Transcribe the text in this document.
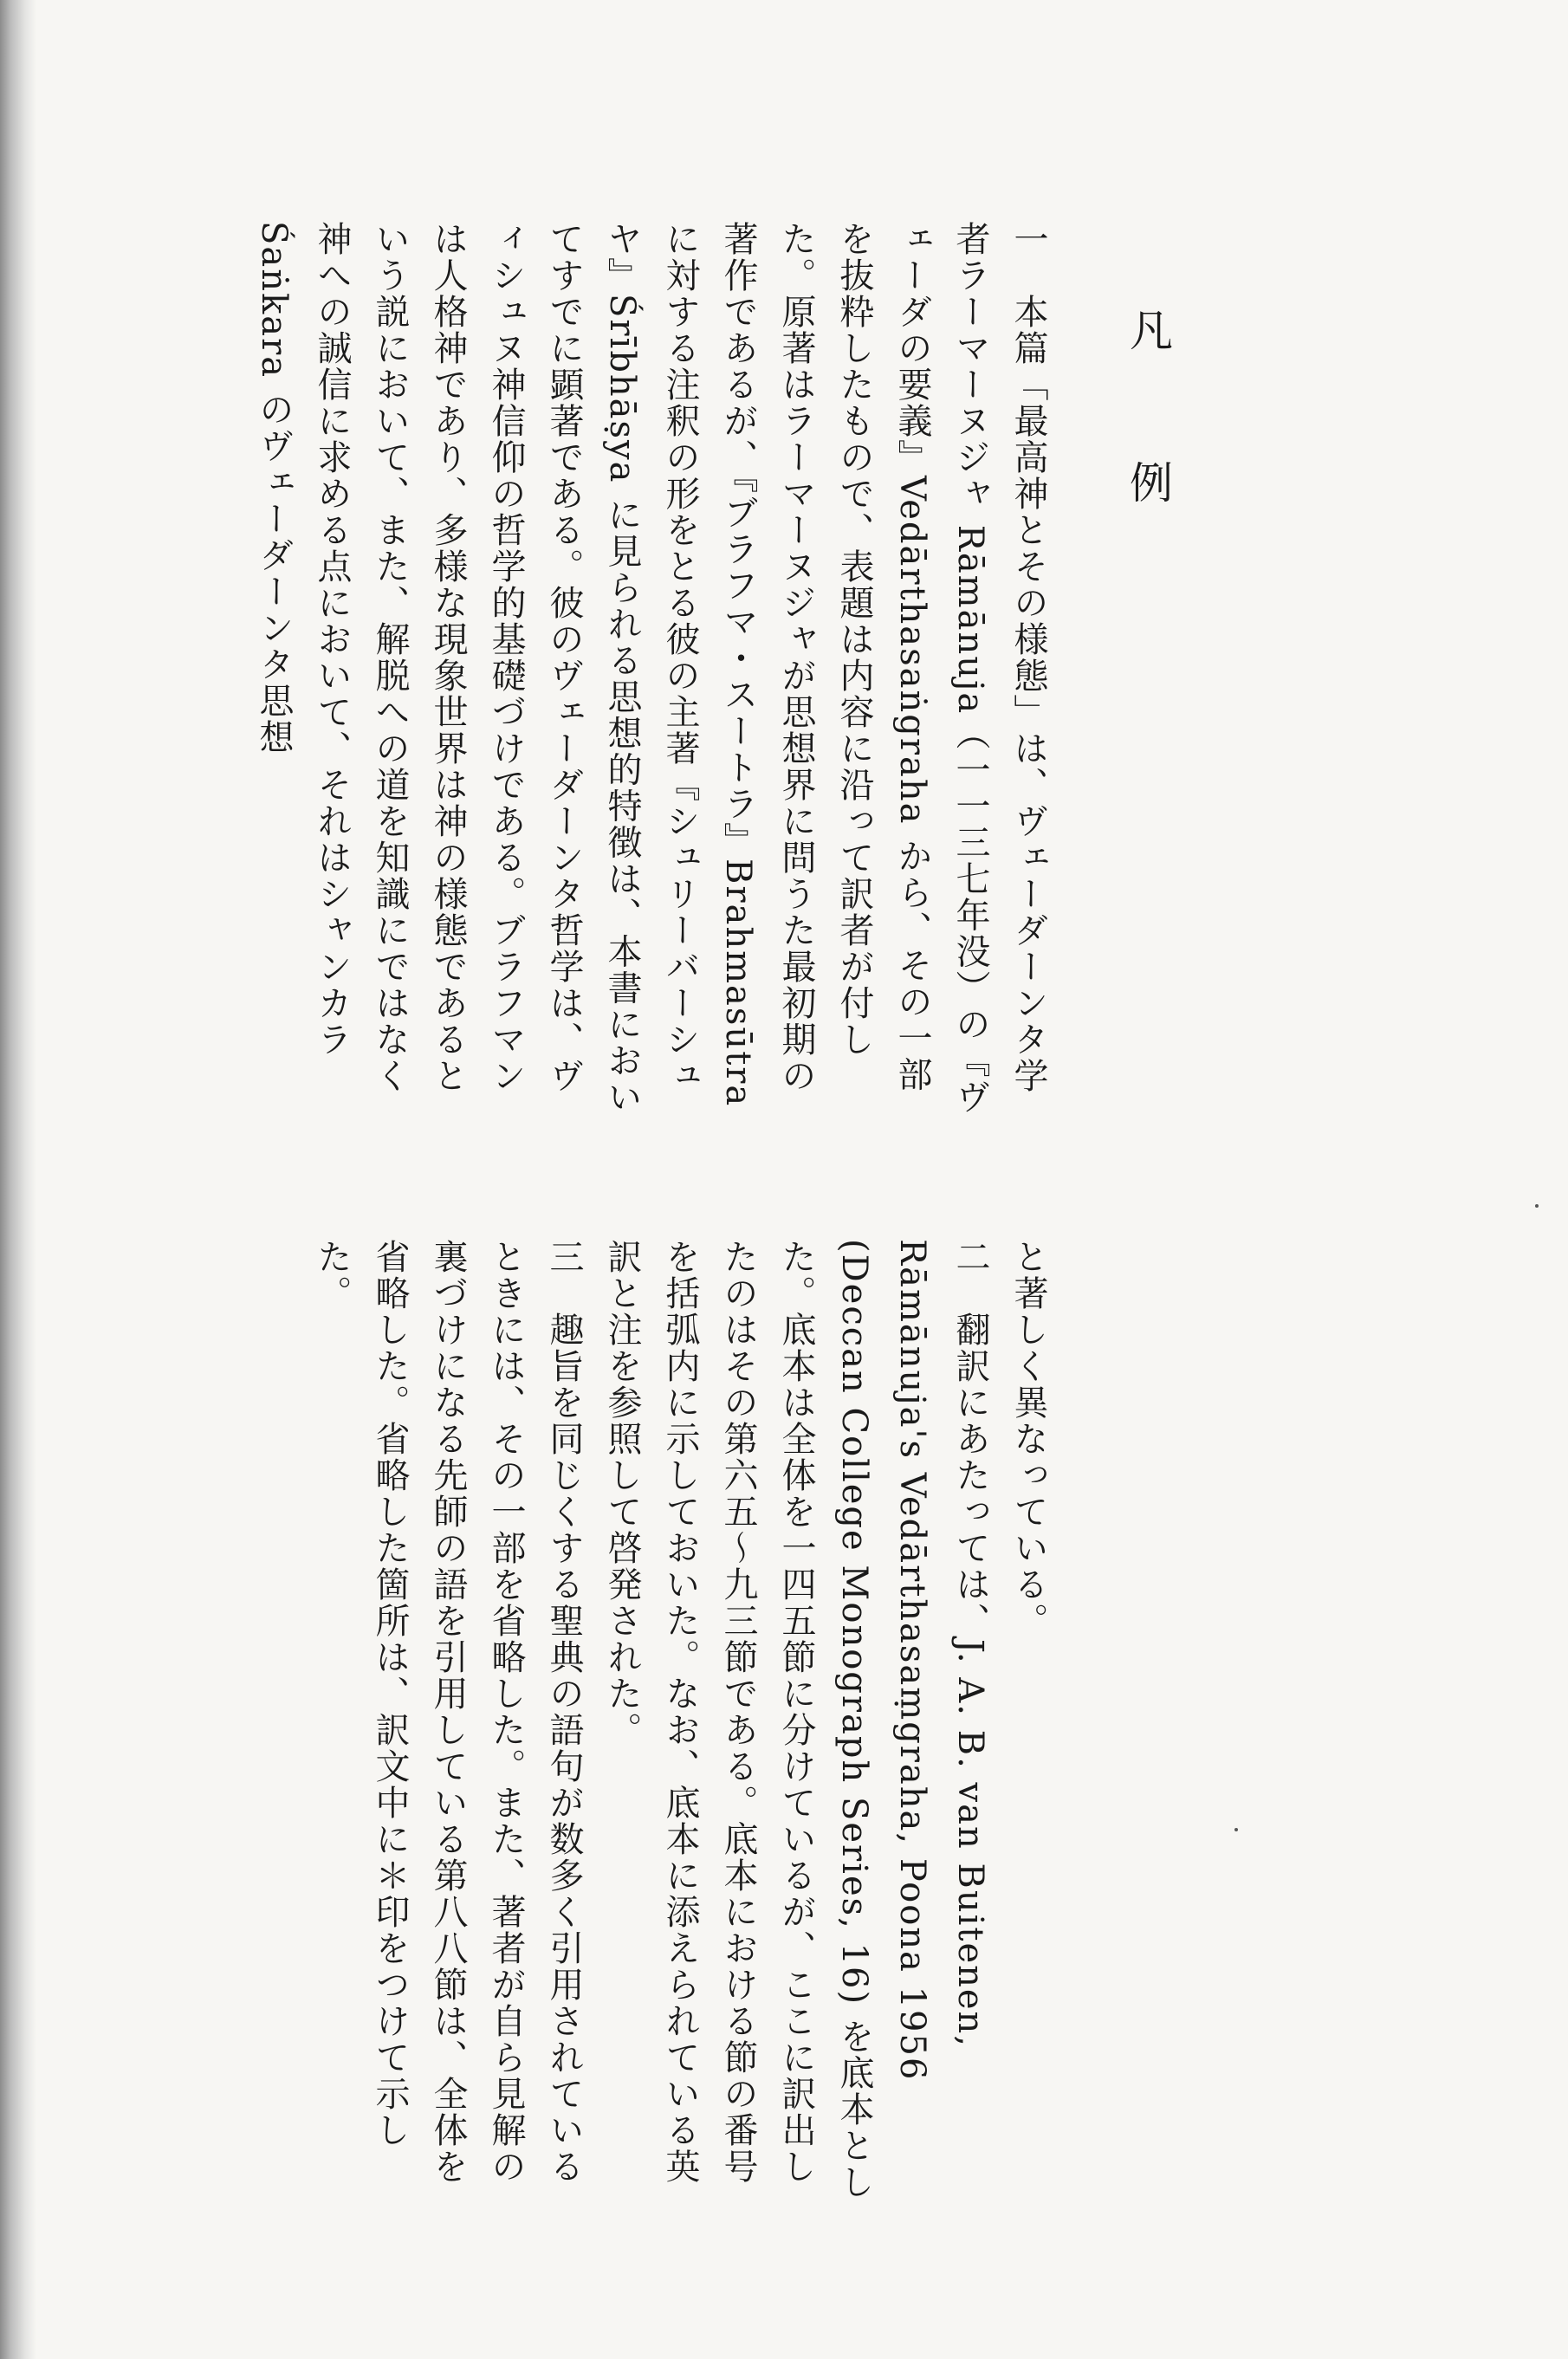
凡　例

一　本篇「最高神とその様態」は、ヴェーダーンタ学者ラーマーヌジャ Rāmānuja（一一三七年没）の『ヴェーダの要義』Vedārthasaṅgraha から、その一部を抜粋したもので、表題は内容に沿って訳者が付した。原著はラーマーヌジャが思想界に問うた最初期の著作であるが、『ブラフマ・スートラ』Brahmasūtra に対する注釈の形をとる彼の主著『シュリーバーシュヤ』Śrībhāṣya に見られる思想的特徴は、本書においてすでに顕著である。彼のヴェーダーンタ哲学は、ヴィシュヌ神信仰の哲学的基礎づけである。ブラフマンは人格神であり、多様な現象世界は神の様態であるという説において、また、解脱への道を知識にではなく神への誠信に求める点において、それはシャンカラ Śaṅkara のヴェーダーンタ思想

と著しく異なっている。

二　翻訳にあたっては、J. A. B. van Buitenen, Rāmānuja's Vedārthasaṃgraha, Poona 1956 (Deccan College Monograph Series, 16) を底本とした。底本は全体を一四五節に分けているが、ここに訳出したのはその第六五〜九三節である。底本における節の番号を括弧内に示しておいた。なお、底本に添えられている英訳と注を参照して啓発された。

三　趣旨を同じくする聖典の語句が数多く引用されているときには、その一部を省略した。また、著者が自ら見解の裏づけになる先師の語を引用している第八八節は、全体を省略した。省略した箇所は、訳文中に＊印をつけて示した。
